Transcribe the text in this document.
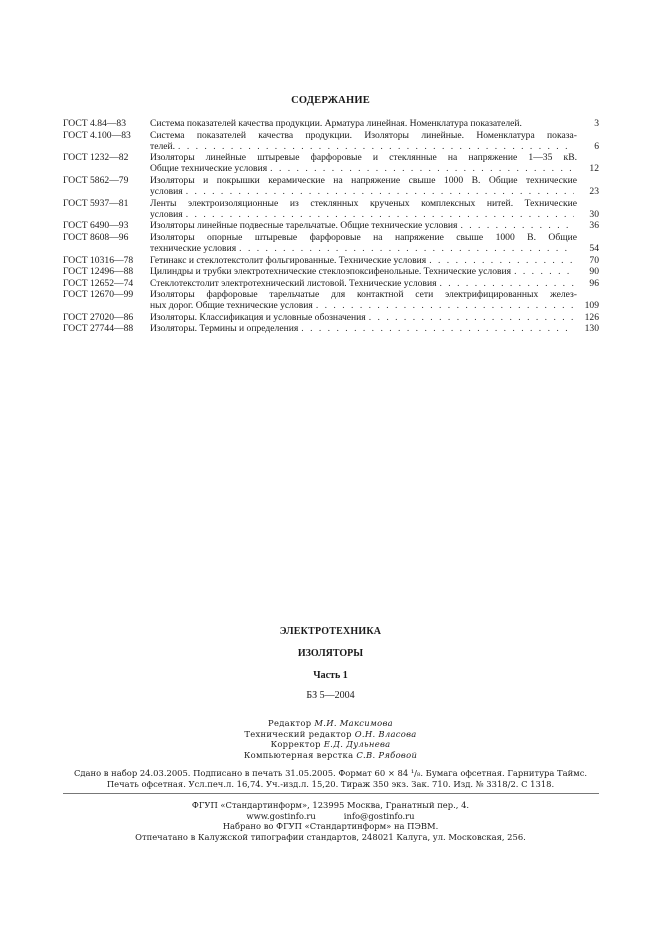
СОДЕРЖАНИЕ
ГОСТ 4.84—83	Система показателей качества продукции. Арматура линейная. Номенклатура показателей.	3
ГОСТ 4.100—83	Система показателей качества продукции. Изоляторы линейные. Номенклатура показа-
телей. . . .	6
ГОСТ 1232—82	Изоляторы линейные штыревые фарфоровые и стеклянные на напряжение 1—35 кВ.
Общие технические условия . . .	12
ГОСТ 5862—79	Изоляторы и покрышки керамические на напряжение свыше 1000 В. Общие технические
условия . . .	23
ГОСТ 5937—81	Ленты электроизоляционные из стеклянных крученых комплексных нитей. Технические
условия . . .	30
ГОСТ 6490—93	Изоляторы линейные подвесные тарельчатые. Общие технические условия . . .	36
ГОСТ 8608—96	Изоляторы опорные штыревые фарфоровые на напряжение свыше 1000 В. Общие
технические условия . . .	54
ГОСТ 10316—78	Гетинакс и стеклотекстолит фольгированные. Технические условия . . .	70
ГОСТ 12496—88	Цилиндры и трубки электротехнические стеклоэпоксифенольные. Технические условия . . .	90
ГОСТ 12652—74	Стеклотекстолит электротехнический листовой. Технические условия . . .	96
ГОСТ 12670—99	Изоляторы фарфоровые тарельчатые для контактной сети электрифицированных желез-
ных дорог. Общие технические условия . . .	109
ГОСТ 27020—86	Изоляторы. Классификация и условные обозначения . . .	126
ГОСТ 27744—88	Изоляторы. Термины и определения . . .	130
ЭЛЕКТРОТЕХНИКА
ИЗОЛЯТОРЫ
Часть 1
БЗ 5—2004
Редактор М.И. Максимова
Технический редактор О.Н. Власова
Корректор Е.Д. Дульнева
Компьютерная верстка С.В. Рябовой
Сдано в набор 24.03.2005. Подписано в печать 31.05.2005. Формат 60 × 84 ¹/₈. Бумага офсетная. Гарнитура Таймс.
Печать офсетная. Усл.печ.л. 16,74. Уч.-изд.л. 15,20. Тираж 350 экз. Зак. 710. Изд. № 3318/2. С 1318.
ФГУП «Стандартинформ», 123995 Москва, Гранатный пер., 4.
www.gostinfo.ru	info@gostinfo.ru
Набрано во ФГУП «Стандартинформ» на ПЭВМ.
Отпечатано в Калужской типографии стандартов, 248021 Калуга, ул. Московская, 256.
